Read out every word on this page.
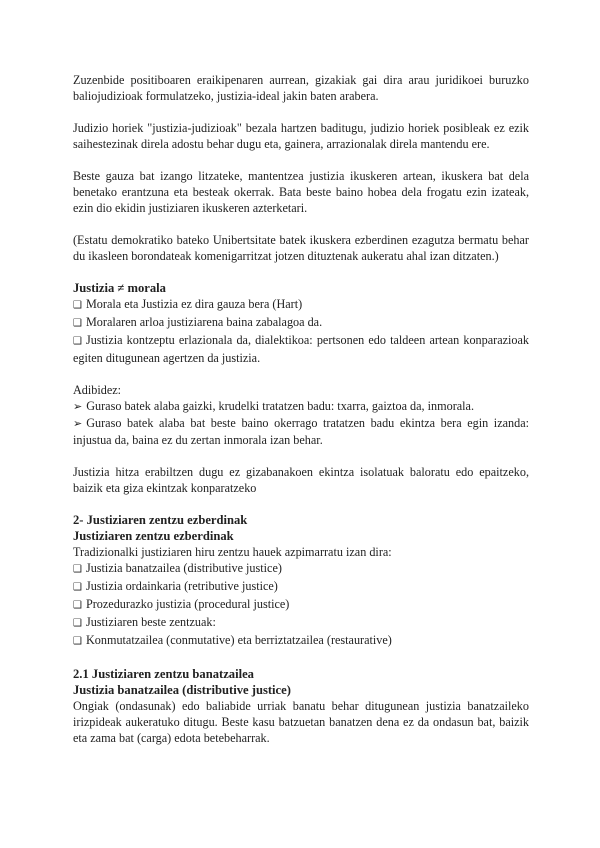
Zuzenbide positiboaren eraikipenaren aurrean, gizakiak gai dira arau juridikoei buruzko baliojudizioak formulatzeko, justizia-ideal jakin baten arabera.

Judizio horiek "justizia-judizioak" bezala hartzen baditugu, judizio horiek posibleak ez ezik saihestezinak direla adostu behar dugu eta, gainera, arrazionalak direla mantendu ere.

Beste gauza bat izango litzateke, mantentzea justizia ikuskeren artean, ikuskera bat dela benetako erantzuna eta besteak okerrak. Bata beste baino hobea dela frogatu ezin izateak, ezin dio ekidin justiziaren ikuskeren azterketari.

(Estatu demokratiko bateko Unibertsitate batek ikuskera ezberdinen ezagutza bermatu behar du ikasleen borondateak komenigarritzat jotzen dituztenak aukeratu ahal izan ditzaten.)

Justizia ≠ morala
❑ Morala eta Justizia ez dira gauza bera (Hart)
❑ Moralaren arloa justiziarena baina zabalagoa da.
❑ Justizia kontzeptu erlazionala da, dialektikoa: pertsonen edo taldeen artean konparazioak egiten ditugunean agertzen da justizia.

Adibidez:

➢ Guraso batek alaba gaizki, krudelki tratatzen badu: txarra, gaiztoa da, inmorala.
➢ Guraso batek alaba bat beste baino okerrago tratatzen badu ekintza bera egin izanda: injustua da, baina ez du zertan inmorala izan behar.

Justizia hitza erabiltzen dugu ez gizabanakoen ekintza isolatuak baloratu edo epaitzeko, baizik eta giza ekintzak konparatzeko

2- Justiziaren zentzu ezberdinak
Justiziaren zentzu ezberdinak

Tradizionalki justiziaren hiru zentzu hauek azpimarratu izan dira:

❑ Justizia banatzailea (distributive justice)
❑ Justizia ordainkaria (retributive justice)
❑ Prozedurazko justizia (procedural justice)
❑ Justiziaren beste zentzuak:
❑ Konmutatzailea (conmutative) eta berriztatzailea (restaurative)
2.1 Justiziaren zentzu banatzailea
Justizia banatzailea (distributive justice)

Ongiak (ondasunak) edo baliabide urriak banatu behar ditugunean justizia banatzaileko irizpideak aukeratuko ditugu. Beste kasu batzuetan banatzen dena ez da ondasun bat, baizik eta zama bat (carga) edota betebeharrak.
